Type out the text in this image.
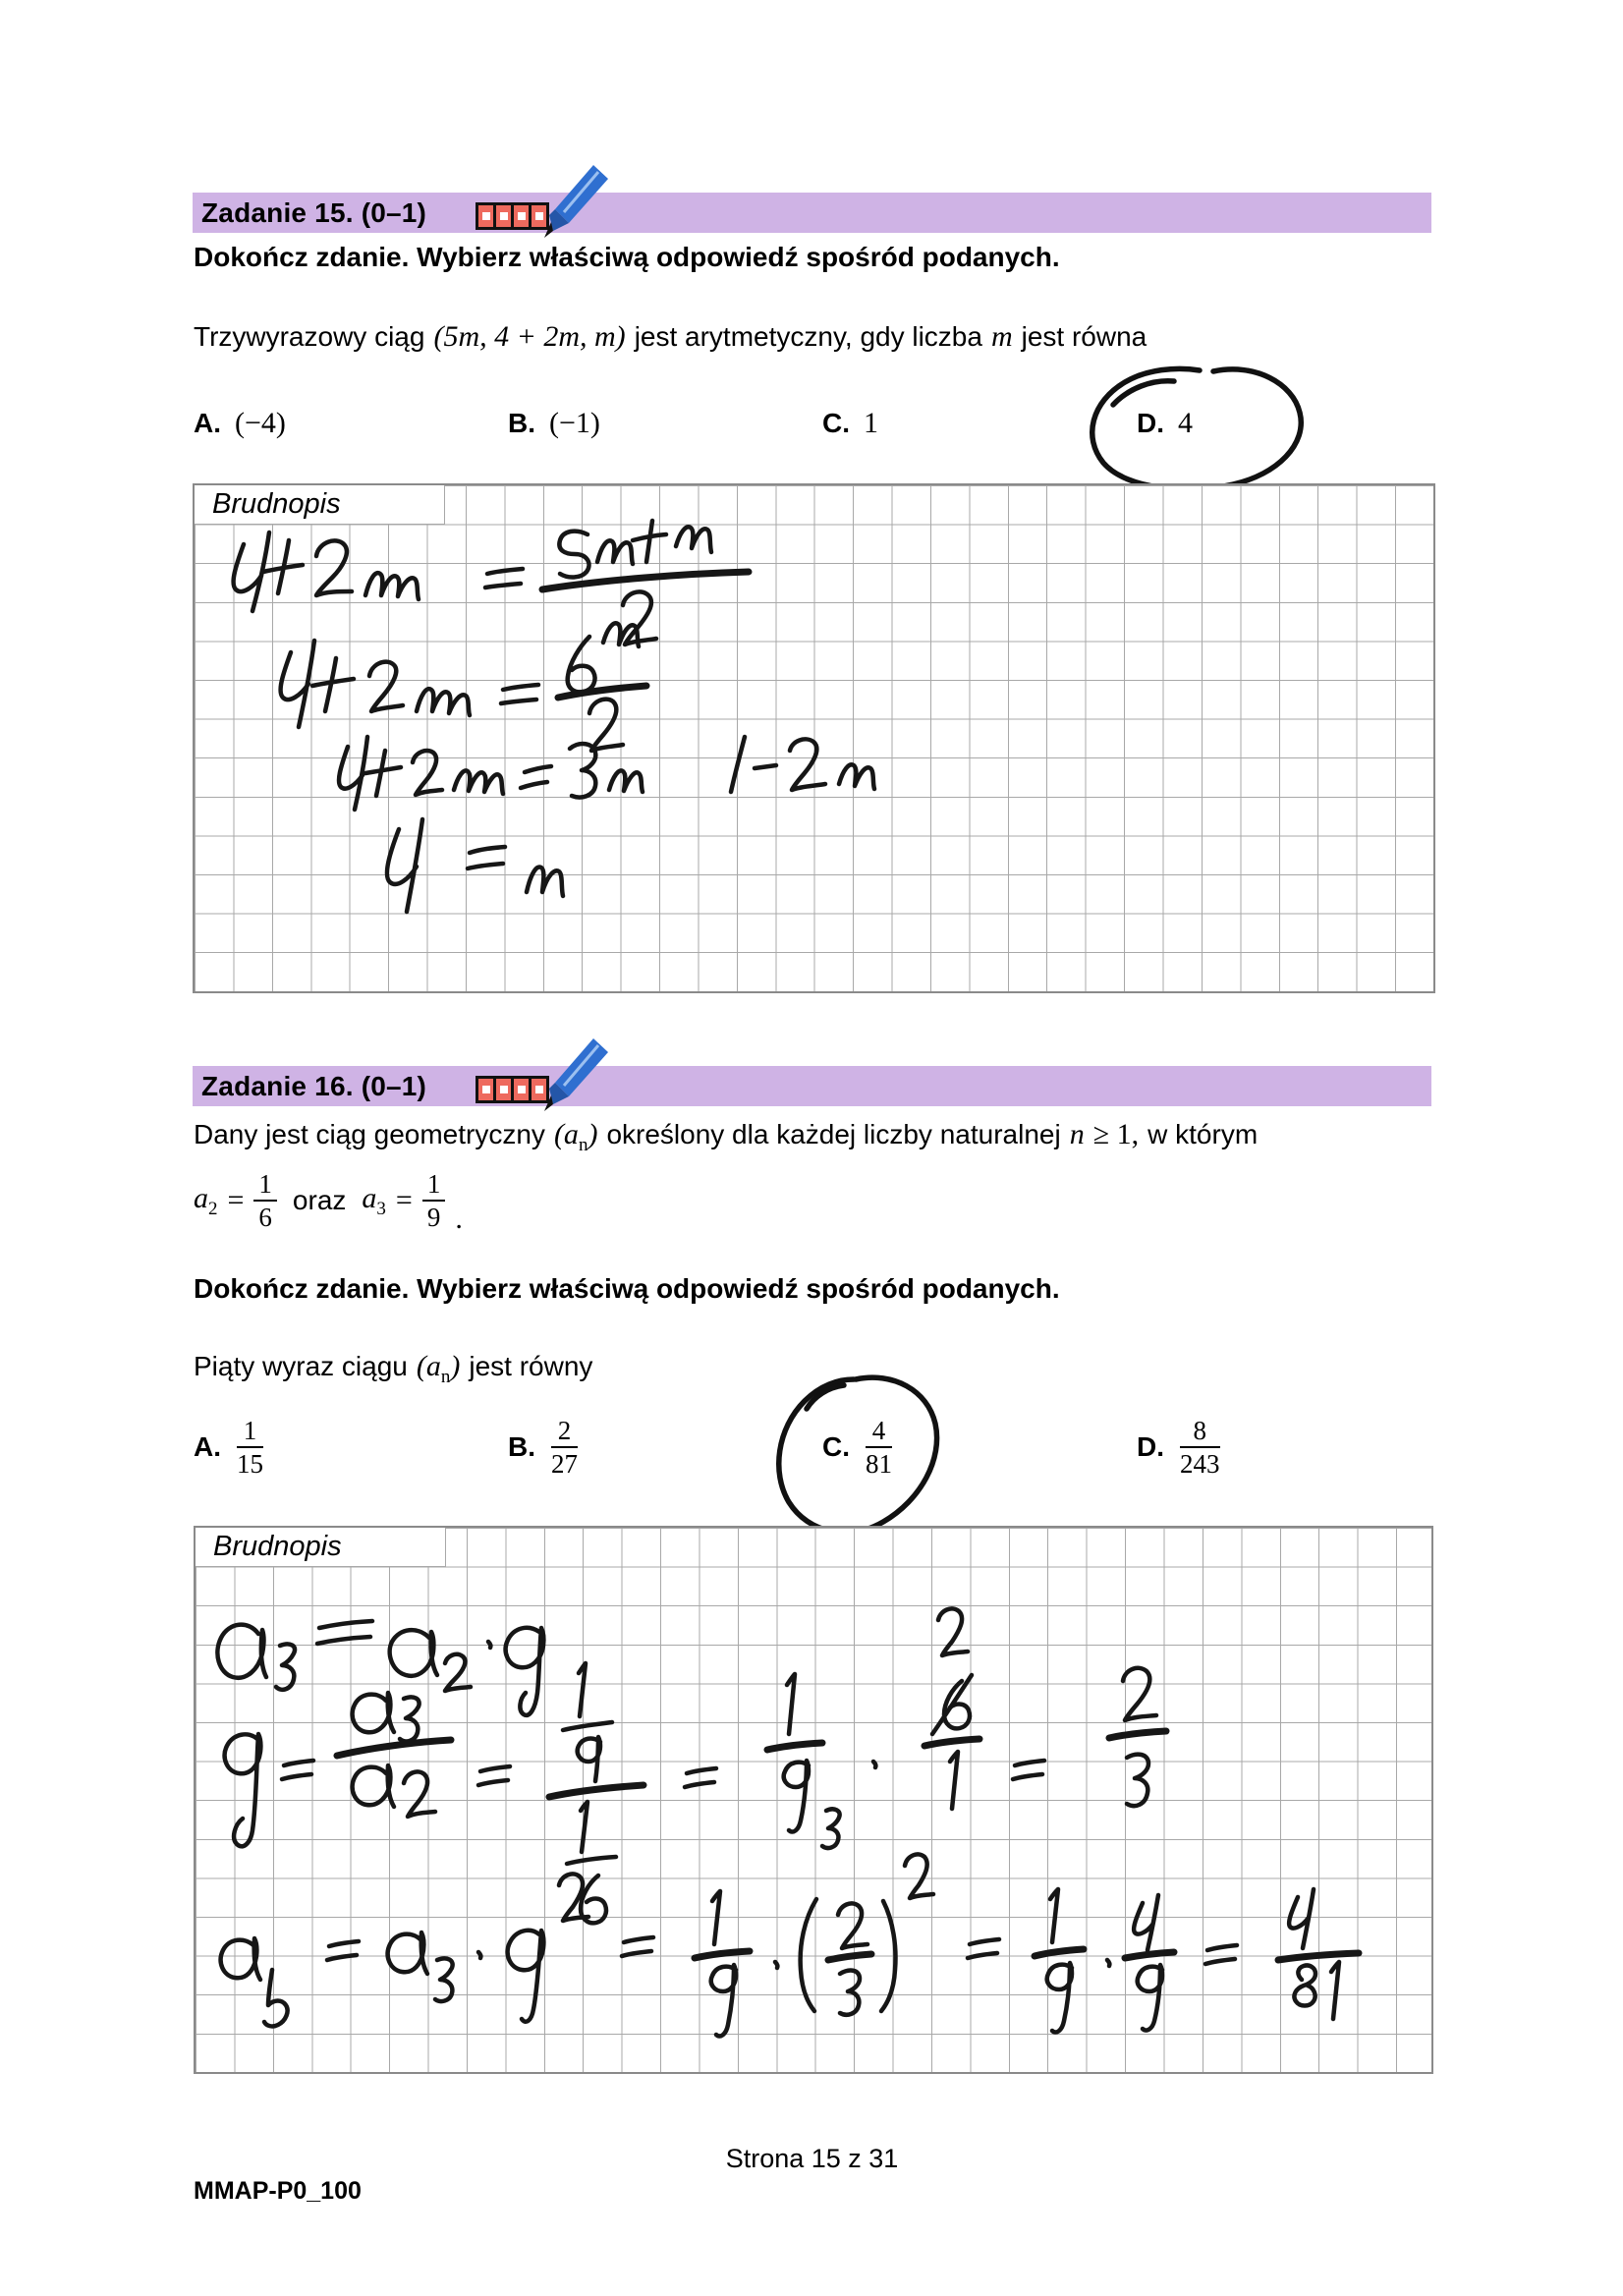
Zadanie 15. (0–1)

Dokończ zdanie. Wybierz właściwą odpowiedź spośród podanych.

Trzywyrazowy ciąg (5m, 4 + 2m, m) jest arytmetyczny, gdy liczba m jest równa

A. (−4)	B. (−1)	C. 1	D. 4
Brudnopis
Zadanie 16. (0–1)

Dany jest ciąg geometryczny $(a_n)$ określony dla każdej liczby naturalnej n ≥ 1, w którym

$a_2 = \frac{1}{6}$ oraz $a_3 = \frac{1}{9}$ .

Dokończ zdanie. Wybierz właściwą odpowiedź spośród podanych.

Piąty wyraz ciągu $(a_n)$ jest równy

A. $\frac{1}{15}$	B. $\frac{2}{27}$	C. $\frac{4}{81}$	D. $\frac{8}{243}$
Brudnopis
Strona 15 z 31
MMAP-P0_100
